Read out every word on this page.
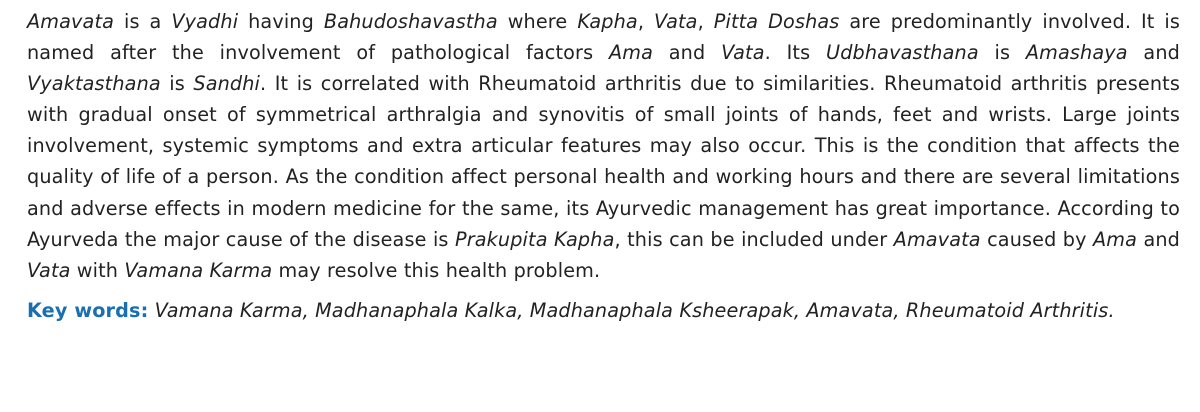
Amavata is a Vyadhi having Bahudoshavastha where Kapha, Vata, Pitta Doshas are predominantly involved. It is named after the involvement of pathological factors Ama and Vata. Its Udbhavasthana is Amashaya and Vyaktasthana is Sandhi. It is correlated with Rheumatoid arthritis due to similarities. Rheumatoid arthritis presents with gradual onset of symmetrical arthralgia and synovitis of small joints of hands, feet and wrists. Large joints involvement, systemic symptoms and extra articular features may also occur. This is the condition that affects the quality of life of a person. As the condition affect personal health and working hours and there are several limitations and adverse effects in modern medicine for the same, its Ayurvedic management has great importance. According to Ayurveda the major cause of the disease is Prakupita Kapha, this can be included under Amavata caused by Ama and Vata with Vamana Karma may resolve this health problem.

Key words: Vamana Karma, Madhanaphala Kalka, Madhanaphala Ksheerapak, Amavata, Rheumatoid Arthritis.
